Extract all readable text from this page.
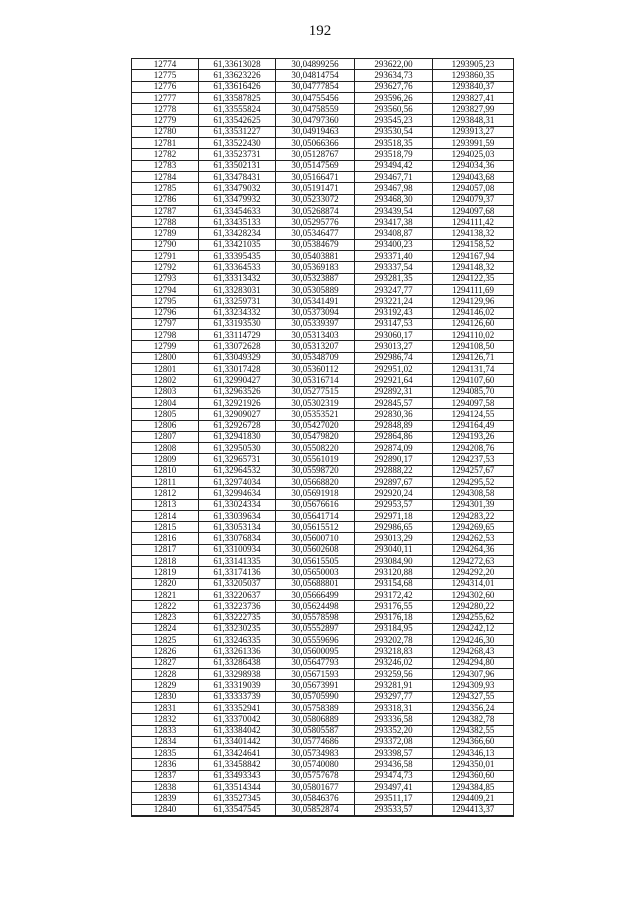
192
12774	61,33613028	30,04899256	293622,00	1293905,23
12775	61,33623226	30,04814754	293634,73	1293860,35
12776	61,33616426	30,04777854	293627,76	1293840,37
12777	61,33587825	30,04755456	293596,26	1293827,41
12778	61,33555824	30,04758559	293560,56	1293827,99
12779	61,33542625	30,04797360	293545,23	1293848,31
12780	61,33531227	30,04919463	293530,54	1293913,27
12781	61,33522430	30,05066366	293518,35	1293991,59
12782	61,33523731	30,05128767	293518,79	1294025,03
12783	61,33502131	30,05147569	293494,42	1294034,36
12784	61,33478431	30,05166471	293467,71	1294043,68
12785	61,33479032	30,05191471	293467,98	1294057,08
12786	61,33479932	30,05233072	293468,30	1294079,37
12787	61,33454633	30,05268874	293439,54	1294097,68
12788	61,33435133	30,05295776	293417,38	1294111,42
12789	61,33428234	30,05346477	293408,87	1294138,32
12790	61,33421035	30,05384679	293400,23	1294158,52
12791	61,33395435	30,05403881	293371,40	1294167,94
12792	61,33364533	30,05369183	293337,54	1294148,32
12793	61,33313432	30,05323887	293281,35	1294122,35
12794	61,33283031	30,05305889	293247,77	1294111,69
12795	61,33259731	30,05341491	293221,24	1294129,96
12796	61,33234332	30,05373094	293192,43	1294146,02
12797	61,33193530	30,05339397	293147,53	1294126,60
12798	61,33114729	30,05313403	293060,17	1294110,02
12799	61,33072628	30,05313207	293013,27	1294108,50
12800	61,33049329	30,05348709	292986,74	1294126,71
12801	61,33017428	30,05360112	292951,02	1294131,74
12802	61,32990427	30,05316714	292921,64	1294107,60
12803	61,32963526	30,05277515	292892,31	1294085,70
12804	61,32921926	30,05302319	292845,57	1294097,58
12805	61,32909027	30,05353521	292830,36	1294124,55
12806	61,32926728	30,05427020	292848,89	1294164,49
12807	61,32941830	30,05479820	292864,86	1294193,26
12808	61,32950530	30,05508220	292874,09	1294208,76
12809	61,32965731	30,05561019	292890,17	1294237,53
12810	61,32964532	30,05598720	292888,22	1294257,67
12811	61,32974034	30,05668820	292897,67	1294295,52
12812	61,32994634	30,05691918	292920,24	1294308,58
12813	61,33024334	30,05676616	292953,57	1294301,39
12814	61,33039634	30,05641714	292971,18	1294283,22
12815	61,33053134	30,05615512	292986,65	1294269,65
12816	61,33076834	30,05600710	293013,29	1294262,53
12817	61,33100934	30,05602608	293040,11	1294264,36
12818	61,33141335	30,05615505	293084,90	1294272,63
12819	61,33174136	30,05650003	293120,88	1294292,20
12820	61,33205037	30,05688801	293154,68	1294314,01
12821	61,33220637	30,05666499	293172,42	1294302,60
12822	61,33223736	30,05624498	293176,55	1294280,22
12823	61,33222735	30,05578598	293176,18	1294255,62
12824	61,33230235	30,05552897	293184,95	1294242,12
12825	61,33246335	30,05559696	293202,78	1294246,30
12826	61,33261336	30,05600095	293218,83	1294268,43
12827	61,33286438	30,05647793	293246,02	1294294,80
12828	61,33298938	30,05671593	293259,56	1294307,96
12829	61,33319039	30,05673991	293281,91	1294309,93
12830	61,33333739	30,05705990	293297,77	1294327,55
12831	61,33352941	30,05758389	293318,31	1294356,24
12832	61,33370042	30,05806889	293336,58	1294382,78
12833	61,33384042	30,05805587	293352,20	1294382,55
12834	61,33401442	30,05774686	293372,08	1294366,60
12835	61,33424641	30,05734983	293398,57	1294346,13
12836	61,33458842	30,05740080	293436,58	1294350,01
12837	61,33493343	30,05757678	293474,73	1294360,60
12838	61,33514344	30,05801677	293497,41	1294384,85
12839	61,33527345	30,05846376	293511,17	1294409,21
12840	61,33547545	30,05852874	293533,57	1294413,37
